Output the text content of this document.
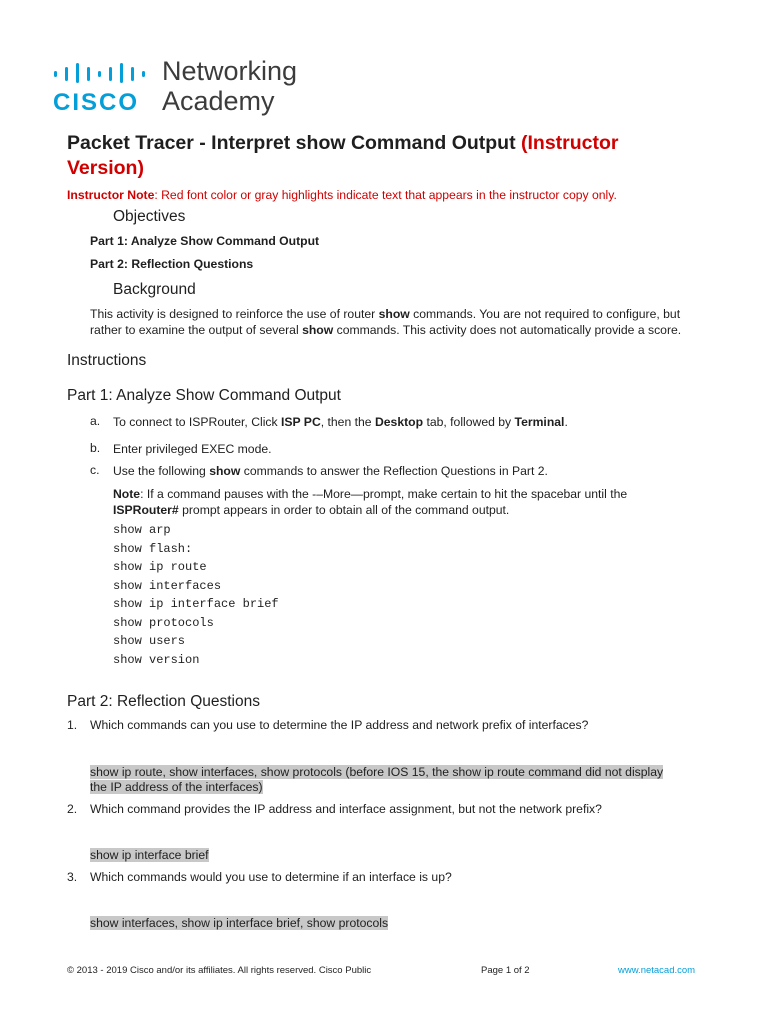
CISCO
Networking
Academy
Packet Tracer - Interpret show Command Output (Instructor Version)
Instructor Note: Red font color or gray highlights indicate text that appears in the instructor copy only.
Objectives
Part 1: Analyze Show Command Output
Part 2: Reflection Questions
Background
This activity is designed to reinforce the use of router show commands. You are not required to configure, but rather to examine the output of several show commands. This activity does not automatically provide a score.
Instructions
Part 1: Analyze Show Command Output
a. To connect to ISPRouter, Click ISP PC, then the Desktop tab, followed by Terminal.
b. Enter privileged EXEC mode.
c. Use the following show commands to answer the Reflection Questions in Part 2.
Note: If a command pauses with the -–More—prompt, make certain to hit the spacebar until the ISPRouter# prompt appears in order to obtain all of the command output.
show arp
show flash:
show ip route
show interfaces
show ip interface brief
show protocols
show users
show version
Part 2: Reflection Questions
1. Which commands can you use to determine the IP address and network prefix of interfaces?
show ip route, show interfaces, show protocols (before IOS 15, the show ip route command did not display
the IP address of the interfaces)
2. Which command provides the IP address and interface assignment, but not the network prefix?
show ip interface brief
3. Which commands would you use to determine if an interface is up?
show interfaces, show ip interface brief, show protocols
© 2013 - 2019 Cisco and/or its affiliates. All rights reserved. Cisco Public	Page 1 of 2	www.netacad.com
